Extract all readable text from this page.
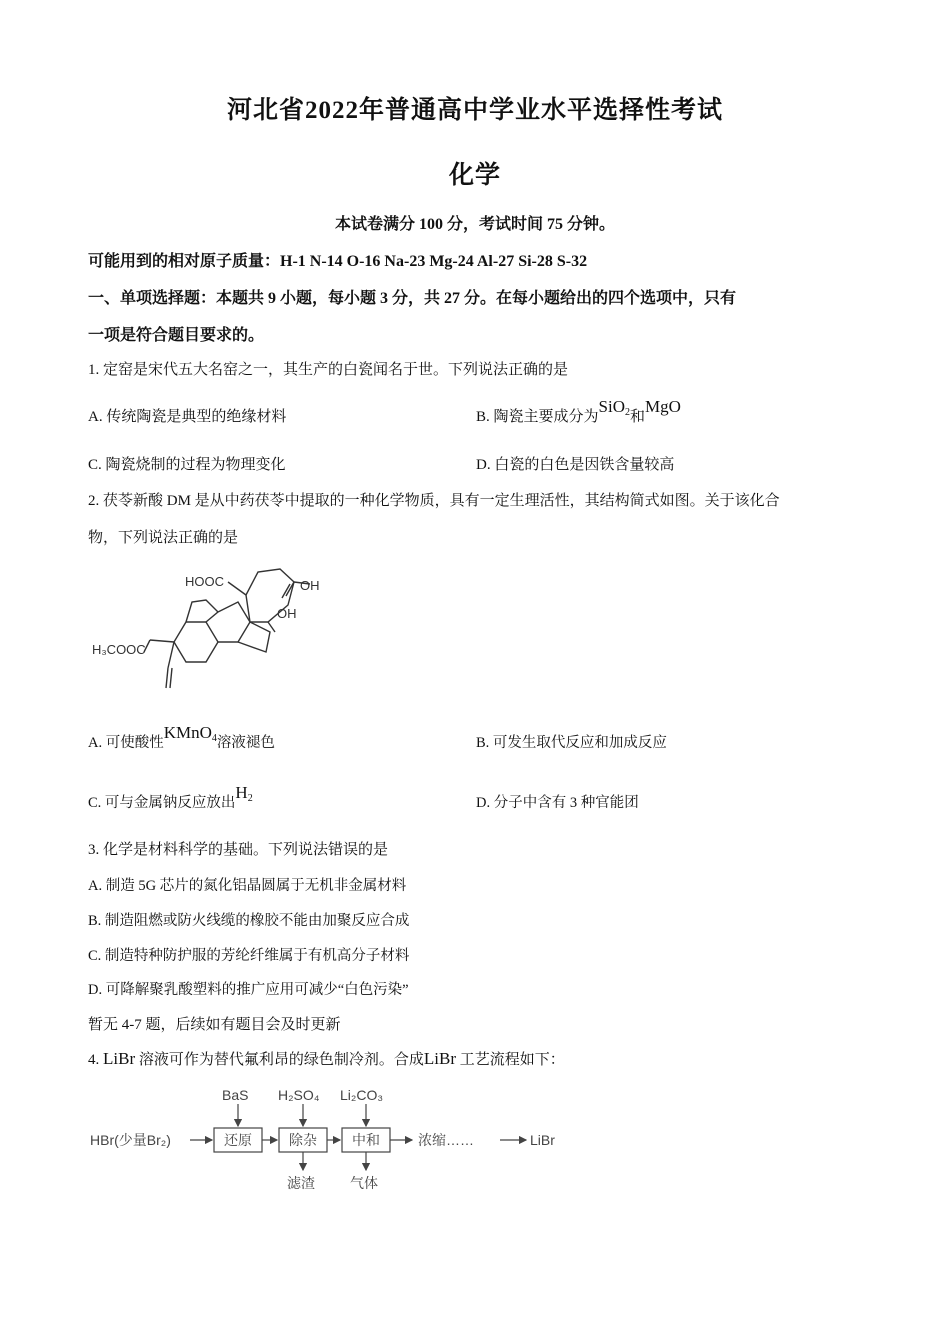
河北省2022年普通高中学业水平选择性考试
化学
本试卷满分 100 分，考试时间 75 分钟。
可能用到的相对原子质量：H-1 N-14 O-16 Na-23 Mg-24 Al-27 Si-28 S-32
一、单项选择题：本题共 9 小题，每小题 3 分，共 27 分。在每小题给出的四个选项中，只有
一项是符合题目要求的。
1. 定窑是宋代五大名窑之一，其生产的白瓷闻名于世。下列说法正确的是
A. 传统陶瓷是典型的绝缘材料	B. 陶瓷主要成分为SiO$_2$和MgO
C. 陶瓷烧制的过程为物理变化	D. 白瓷的白色是因铁含量较高
2. 茯苓新酸 DM 是从中药茯苓中提取的一种化学物质，具有一定生理活性，其结构简式如图。关于该化合
物，下列说法正确的是
HOOC	OH
OH
H₃COOC
A. 可使酸性KMnO$_4$溶液褪色	B. 可发生取代反应和加成反应
C. 可与金属钠反应放出$H_2$	D. 分子中含有 3 种官能团
3. 化学是材料科学的基础。下列说法错误的是
A. 制造 5G 芯片的氮化铝晶圆属于无机非金属材料
B. 制造阻燃或防火线缆的橡胶不能由加聚反应合成
C. 制造特种防护服的芳纶纤维属于有机高分子材料
D. 可降解聚乳酸塑料的推广应用可减少“白色污染”
暂无 4-7 题，后续如有题目会及时更新
4. LiBr 溶液可作为替代氟利昂的绿色制冷剂。合成LiBr 工艺流程如下：
HBr(少量Br₂)
BaS H₂SO₄ Li₂CO₃
还原	除杂	中和	浓缩……	LiBr
滤渣	气体
